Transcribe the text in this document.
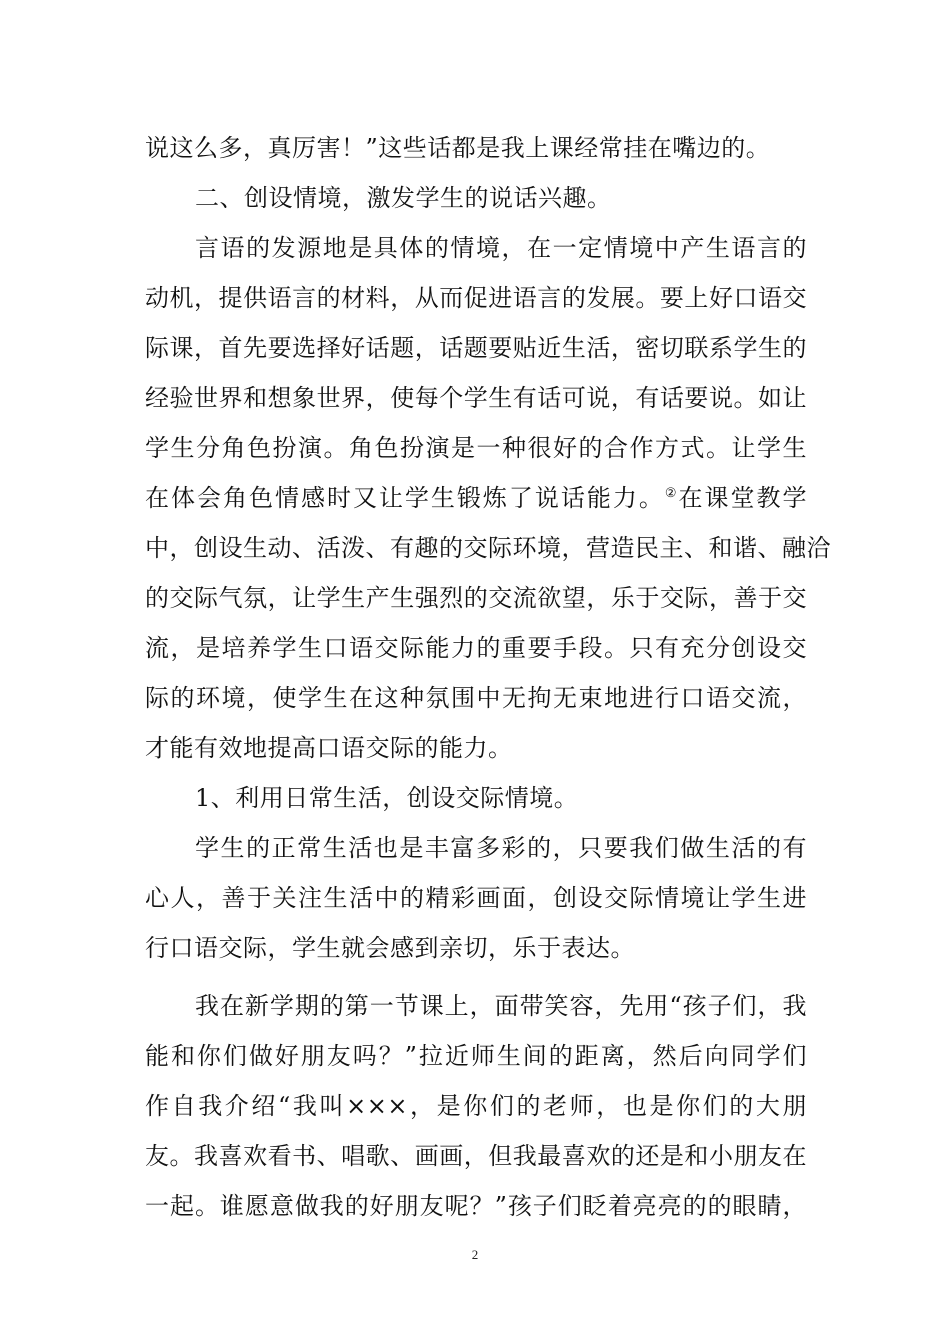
说这么多，真厉害！”这些话都是我上课经常挂在嘴边的。
二、创设情境，激发学生的说话兴趣。
言语的发源地是具体的情境，在一定情境中产生语言的
动机，提供语言的材料，从而促进语言的发展。要上好口语交
际课，首先要选择好话题，话题要贴近生活，密切联系学生的
经验世界和想象世界，使每个学生有话可说，有话要说。如让
学生分角色扮演。角色扮演是一种很好的合作方式。让学生
在体会角色情感时又让学生锻炼了说话能力。②在课堂教学
中，创设生动、活泼、有趣的交际环境，营造民主、和谐、融洽
的交际气氛，让学生产生强烈的交流欲望，乐于交际，善于交
流，是培养学生口语交际能力的重要手段。只有充分创设交
际的环境，使学生在这种氛围中无拘无束地进行口语交流，
才能有效地提高口语交际的能力。
1、利用日常生活，创设交际情境。
学生的正常生活也是丰富多彩的，只要我们做生活的有
心人，善于关注生活中的精彩画面，创设交际情境让学生进
行口语交际，学生就会感到亲切，乐于表达。
我在新学期的第一节课上，面带笑容，先用“孩子们，我
能和你们做好朋友吗？”拉近师生间的距离，然后向同学们
作自我介绍“我叫×××，是你们的老师，也是你们的大朋
友。我喜欢看书、唱歌、画画，但我最喜欢的还是和小朋友在
一起。谁愿意做我的好朋友呢？”孩子们眨着亮亮的的眼睛，
2
